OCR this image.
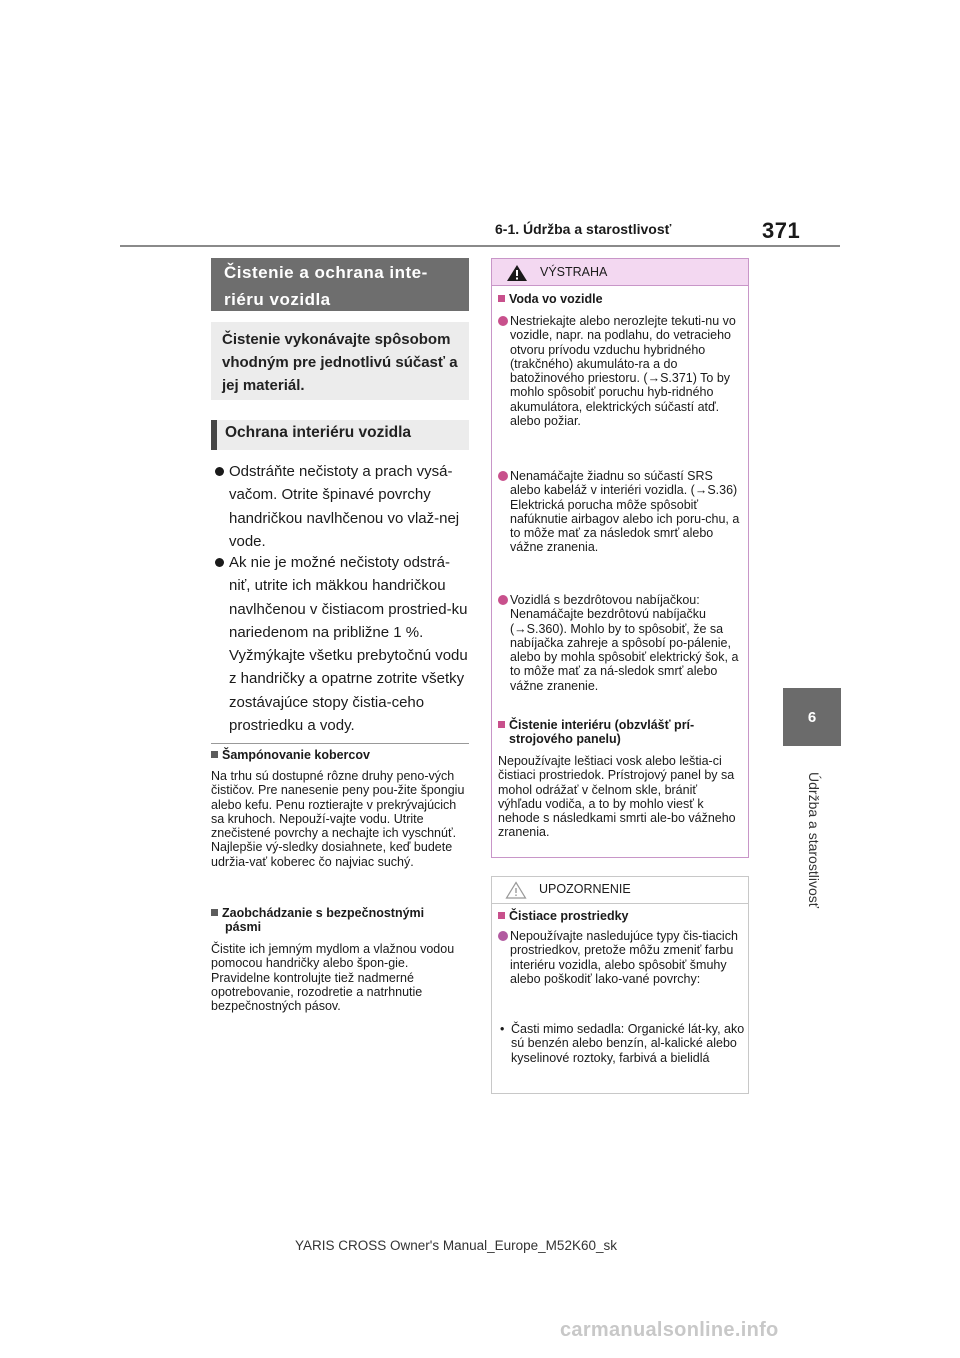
6-1. Údržba a starostlivosť	371
6
Údržba a starostlivosť
Čistenie a ochrana inte-riéru vozidla
Čistenie vykonávajte spôsobom vhodným pre jednotlivú súčasť a jej materiál.
Ochrana interiéru vozidla
Odstráňte nečistoty a prach vysá-vačom. Otrite špinavé povrchy handričkou navlhčenou vo vlaž-nej vode.
Ak nie je možné nečistoty odstrá-niť, utrite ich mäkkou handričkou navlhčenou v čistiacom prostried-ku nariedenom na približne 1 %. Vyžmýkajte všetku prebytočnú vodu z handričky a opatrne zotrite všetky zostávajúce stopy čistia-ceho prostriedku a vody.
Šampónovanie kobercov
Na trhu sú dostupné rôzne druhy peno-vých čističov. Pre nanesenie peny pou-žite špongiu alebo kefu. Penu roztierajte v prekrývajúcich sa kruhoch. Nepouží-vajte vodu. Utrite znečistené povrchy a nechajte ich vyschnúť. Najlepšie vý-sledky dosiahnete, keď budete udržia-vať koberec čo najviac suchý.
Zaobchádzanie s bezpečnostnými
pásmi
Čistite ich jemným mydlom a vlažnou vodou pomocou handričky alebo špon-gie. Pravidelne kontrolujte tiež nadmerné opotrebovanie, rozodretie a natrhnutie bezpečnostných pásov.
VÝSTRAHA
Voda vo vozidle
Nestriekajte alebo nerozlejte tekuti-nu vo vozidle, napr. na podlahu, do vetracieho otvoru prívodu vzduchu hybridného (trakčného) akumuláto-ra a do batožinového priestoru. (→S.371) To by mohlo spôsobiť poruchu hyb-ridného akumulátora, elektrických súčastí atď. alebo požiar.
Nenamáčajte žiadnu so súčastí SRS alebo kabeláž v interiéri vozidla. (→S.36) Elektrická porucha môže spôsobiť nafúknutie airbagov alebo ich poru-chu, a to môže mať za následok smrť alebo vážne zranenia.
Vozidlá s bezdrôtovou nabíjačkou: Nenamáčajte bezdrôtovú nabíjačku (→S.360). Mohlo by to spôsobiť, že sa nabíjačka zahreje a spôsobí po-pálenie, alebo by mohla spôsobiť elektrický šok, a to môže mať za ná-sledok smrť alebo vážne zranenie.
Čistenie interiéru (obzvlášť prí-
strojového panelu)
Nepoužívajte leštiaci vosk alebo leštia-ci čistiaci prostriedok. Prístrojový panel by sa mohol odrážať v čelnom skle, brániť výhľadu vodiča, a to by mohlo viesť k nehode s následkami smrti ale-bo vážneho zranenia.
UPOZORNENIE
Čistiace prostriedky
Nepoužívajte nasledujúce typy čis-tiacich prostriedkov, pretože môžu zmeniť farbu interiéru vozidla, alebo spôsobiť šmuhy alebo poškodiť lako-vané povrchy:
• Časti mimo sedadla: Organické lát-ky, ako sú benzén alebo benzín, al-kalické alebo kyselinové roztoky, farbivá a bielidlá
YARIS CROSS Owner's Manual_Europe_M52K60_sk
carmanualsonline.info
